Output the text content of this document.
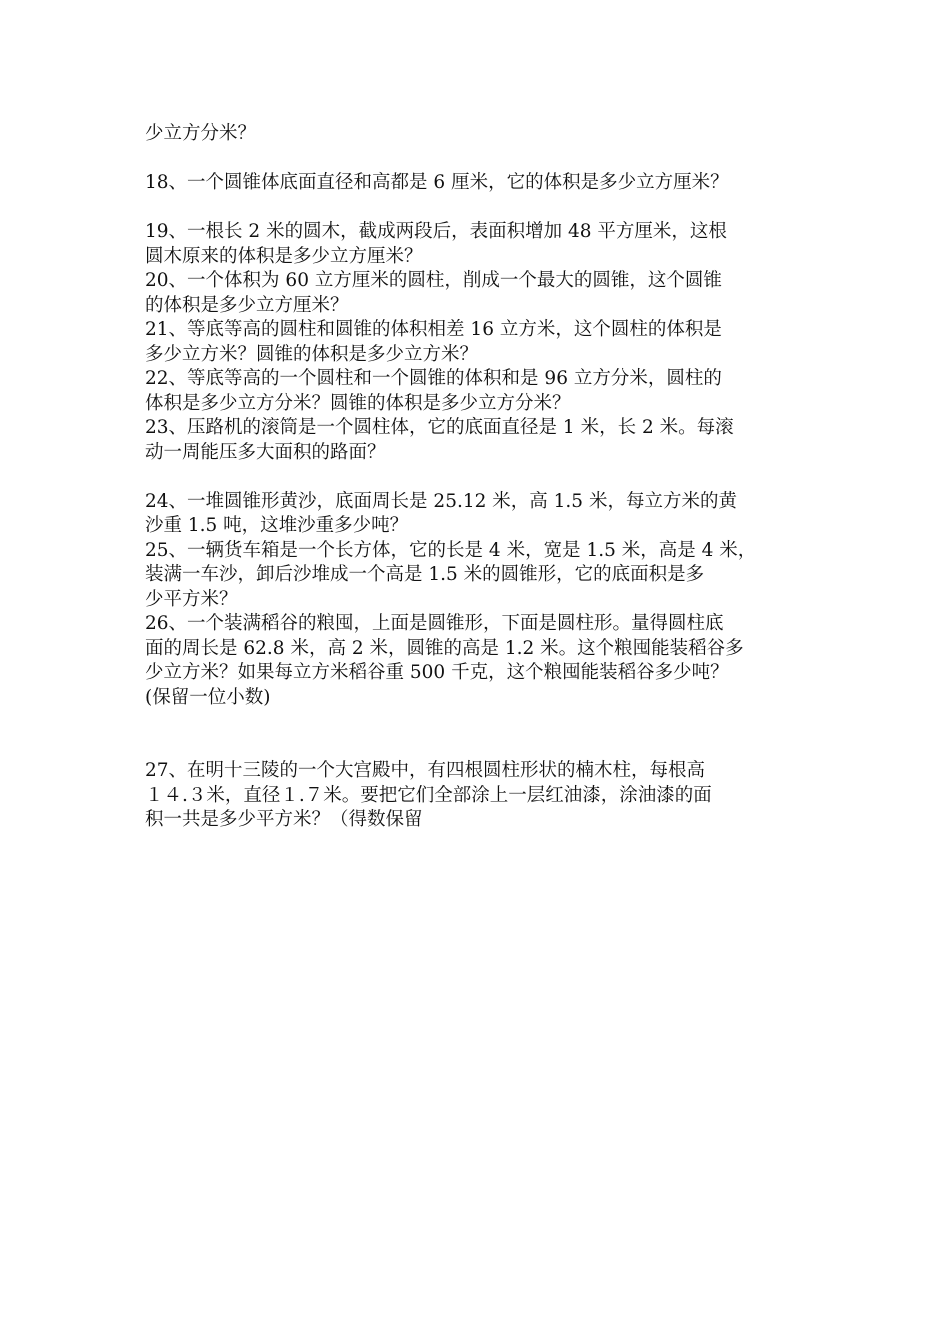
少立方分米？
18、一个圆锥体底面直径和高都是 6 厘米，它的体积是多少立方厘米？
19、一根长 2 米的圆木，截成两段后，表面积增加 48 平方厘米，这根
圆木原来的体积是多少立方厘米？
20、一个体积为 60 立方厘米的圆柱，削成一个最大的圆锥，这个圆锥
的体积是多少立方厘米？
21、等底等高的圆柱和圆锥的体积相差 16 立方米，这个圆柱的体积是
多少立方米？圆锥的体积是多少立方米？
22、等底等高的一个圆柱和一个圆锥的体积和是 96 立方分米，圆柱的
体积是多少立方分米？圆锥的体积是多少立方分米？
23、压路机的滚筒是一个圆柱体，它的底面直径是 1 米，长 2 米。每滚
动一周能压多大面积的路面？
24、一堆圆锥形黄沙，底面周长是 25.12 米，高 1.5 米，每立方米的黄
沙重 1.5 吨，这堆沙重多少吨？
25、一辆货车箱是一个长方体，它的长是 4 米，宽是 1.5 米，高是 4 米，
装满一车沙，卸后沙堆成一个高是 1.5 米的圆锥形，它的底面积是多
少平方米？
26、一个装满稻谷的粮囤，上面是圆锥形，下面是圆柱形。量得圆柱底
面的周长是 62.8 米，高 2 米，圆锥的高是 1.2 米。这个粮囤能装稻谷多
少立方米？如果每立方米稻谷重 500 千克，这个粮囤能装稻谷多少吨？
(保留一位小数)
27、在明十三陵的一个大宫殿中，有四根圆柱形状的楠木柱，每根高
１４.３米，直径１.７米。要把它们全部涂上一层红油漆，涂油漆的面
积一共是多少平方米？（得数保留
